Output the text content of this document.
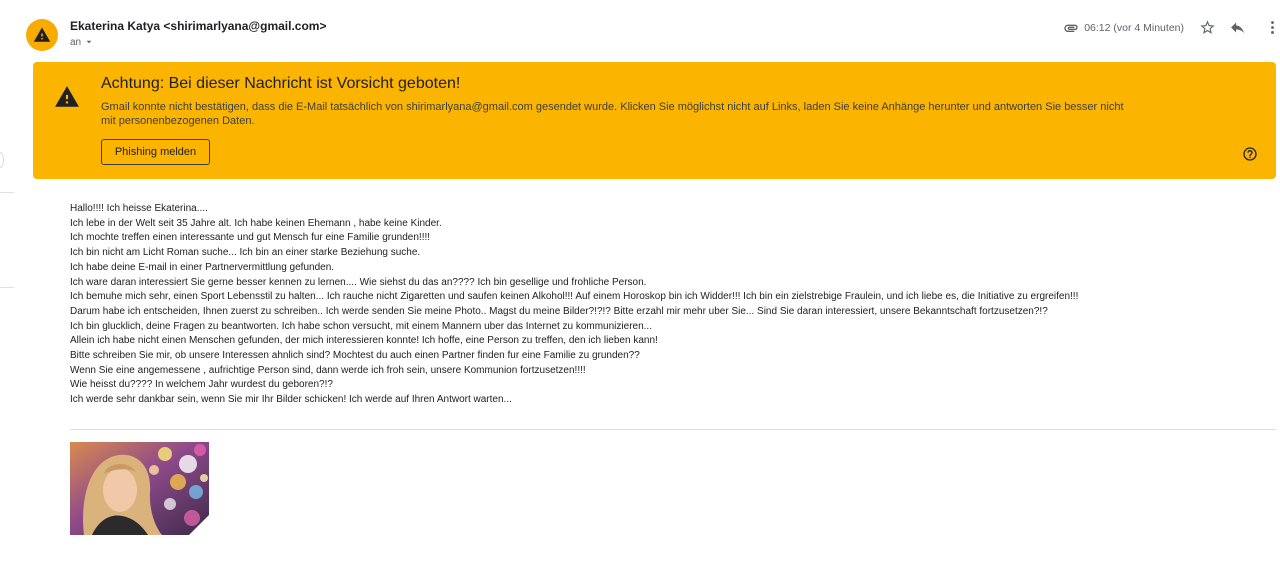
Ekaterina Katya <shirimarlyana@gmail.com>
an
06:12 (vor 4 Minuten)
Achtung: Bei dieser Nachricht ist Vorsicht geboten!
Gmail konnte nicht bestätigen, dass die E-Mail tatsächlich von shirimarlyana@gmail.com gesendet wurde. Klicken Sie möglichst nicht auf Links, laden Sie keine Anhänge herunter und antworten Sie besser nicht mit personenbezogenen Daten.
Phishing melden
Hallo!!!! Ich heisse Ekaterina....
Ich lebe in der Welt seit 35 Jahre alt. Ich habe keinen Ehemann , habe keine Kinder.
Ich mochte treffen einen interessante und gut Mensch fur eine Familie grunden!!!!
Ich bin nicht am Licht Roman suche... Ich bin an einer starke Beziehung suche.
Ich habe deine E-mail in einer Partnervermittlung gefunden.
Ich ware daran interessiert Sie gerne besser kennen zu lernen.... Wie siehst du das an???? Ich bin gesellige und frohliche Person.
Ich bemuhe mich sehr, einen Sport Lebensstil zu halten... Ich rauche nicht Zigaretten und saufen keinen Alkohol!!! Auf einem Horoskop bin ich Widder!!! Ich bin ein zielstrebige Fraulein, und ich liebe es, die Initiative zu ergreifen!!!
Darum habe ich entscheiden, Ihnen zuerst zu schreiben.. Ich werde senden Sie meine Photo.. Magst du meine Bilder?!?!? Bitte erzahl mir mehr uber Sie... Sind Sie daran interessiert, unsere Bekanntschaft fortzusetzen?!?
Ich bin glucklich, deine Fragen zu beantworten. Ich habe schon versucht, mit einem Mannern uber das Internet zu kommunizieren...
Allein ich habe nicht einen Menschen gefunden, der mich interessieren konnte! Ich hoffe, eine Person zu treffen, den ich lieben kann!
Bitte schreiben Sie mir, ob unsere Interessen ahnlich sind? Mochtest du auch einen Partner finden fur eine Familie zu grunden??
Wenn Sie eine angemessene , aufrichtige Person sind, dann werde ich froh sein, unsere Kommunion fortzusetzen!!!!
Wie heisst du???? In welchem Jahr wurdest du geboren?!?
Ich werde sehr dankbar sein, wenn Sie mir Ihr Bilder schicken! Ich werde auf Ihren Antwort warten...
